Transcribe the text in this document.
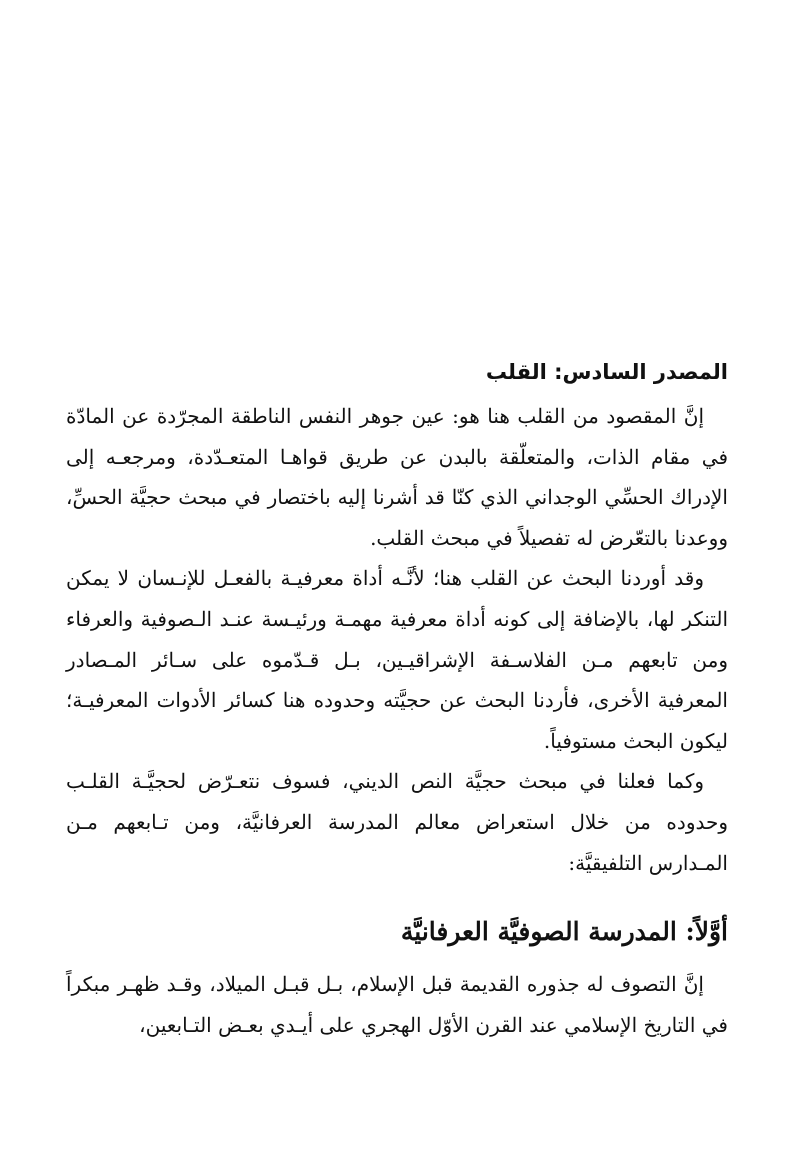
المصدر السادس: القلب

إنَّ المقصود من القلب هنا هو: عين جوهر النفس الناطقة المجرّدة عن المادّة في مقام الذات، والمتعلّقة بالبدن عن طريق قواهـا المتعـدّدة، ومرجعـه إلى الإدراك الحسِّي الوجداني الذي كنّا قد أشرنا إليه باختصار في مبحث حجيَّة الحسِّ، ووعدنا بالتعّرض له تفصيلاً في مبحث القلب.

وقد أوردنا البحث عن القلب هنا؛ لأنَّـه أداة معرفيـة بالفعـل للإنـسان لا يمكن التنكر لها، بالإضافة إلى كونه أداة معرفية مهمـة ورئيـسة عنـد الـصوفية والعرفاء ومن تابعهم مـن الفلاسـفة الإشراقيـين، بـل قـدّموه على سـائر المـصادر المعرفية الأخرى، فأردنا البحث عن حجيَّته وحدوده هنا كسائر الأدوات المعرفيـة؛ ليكون البحث مستوفياً.

وكما فعلنا في مبحث حجيَّة النص الديني، فسوف نتعـرّض لحجيَّـة القلـب وحدوده من خلال استعراض معالم المدرسة العرفانيَّة، ومن تـابعهم مـن المـدارس التلفيقيَّة:

أوَّلاً: المدرسة الصوفيَّة العرفانيَّة

إنَّ التصوف له جذوره القديمة قبل الإسلام، بـل قبـل الميلاد، وقـد ظهـر مبكراً في التاريخ الإسلامي عند القرن الأوّل الهجري على أيـدي بعـض التـابعين،
